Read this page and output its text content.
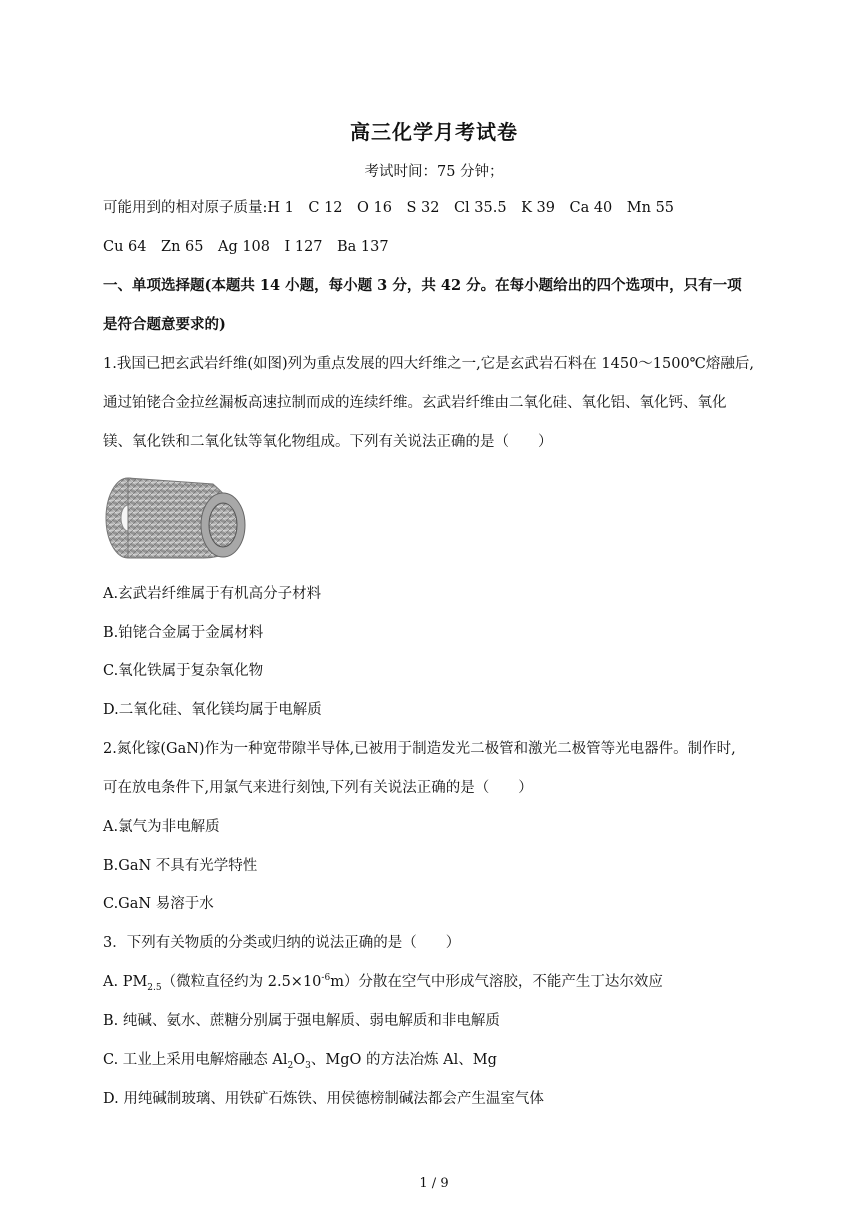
高三化学月考试卷
考试时间：75 分钟；
可能用到的相对原子质量:H 1　C 12　O 16　S 32　Cl 35.5　K 39　Ca 40　Mn 55
Cu 64　Zn 65　Ag 108　I 127　Ba 137
一、单项选择题(本题共 14 小题，每小题 3 分，共 42 分。在每小题给出的四个选项中，只有一项
是符合题意要求的)
1.我国已把玄武岩纤维(如图)列为重点发展的四大纤维之一,它是玄武岩石料在 1450～1500℃熔融后,
通过铂铑合金拉丝漏板高速拉制而成的连续纤维。玄武岩纤维由二氧化硅、氧化铝、氧化钙、氧化
镁、氧化铁和二氧化钛等氧化物组成。下列有关说法正确的是（　　）
A.玄武岩纤维属于有机高分子材料
B.铂铑合金属于金属材料
C.氧化铁属于复杂氧化物
D.二氧化硅、氧化镁均属于电解质
2.氮化镓(GaN)作为一种宽带隙半导体,已被用于制造发光二极管和激光二极管等光电器件。制作时,
可在放电条件下,用氯气来进行刻蚀,下列有关说法正确的是（　　）
A.氯气为非电解质
B.GaN 不具有光学特性
C.GaN 易溶于水
3．下列有关物质的分类或归纳的说法正确的是（　　）
A. $PM_{2.5}$（微粒直径约为 $2.5\times 10^{-6}m$）分散在空气中形成气溶胶，不能产生丁达尔效应
B. 纯碱、氨水、蔗糖分别属于强电解质、弱电解质和非电解质
C. 工业上采用电解熔融态 $Al_2O_3$、MgO 的方法冶炼 Al、Mg
D. 用纯碱制玻璃、用铁矿石炼铁、用侯德榜制碱法都会产生温室气体
1 / 9
